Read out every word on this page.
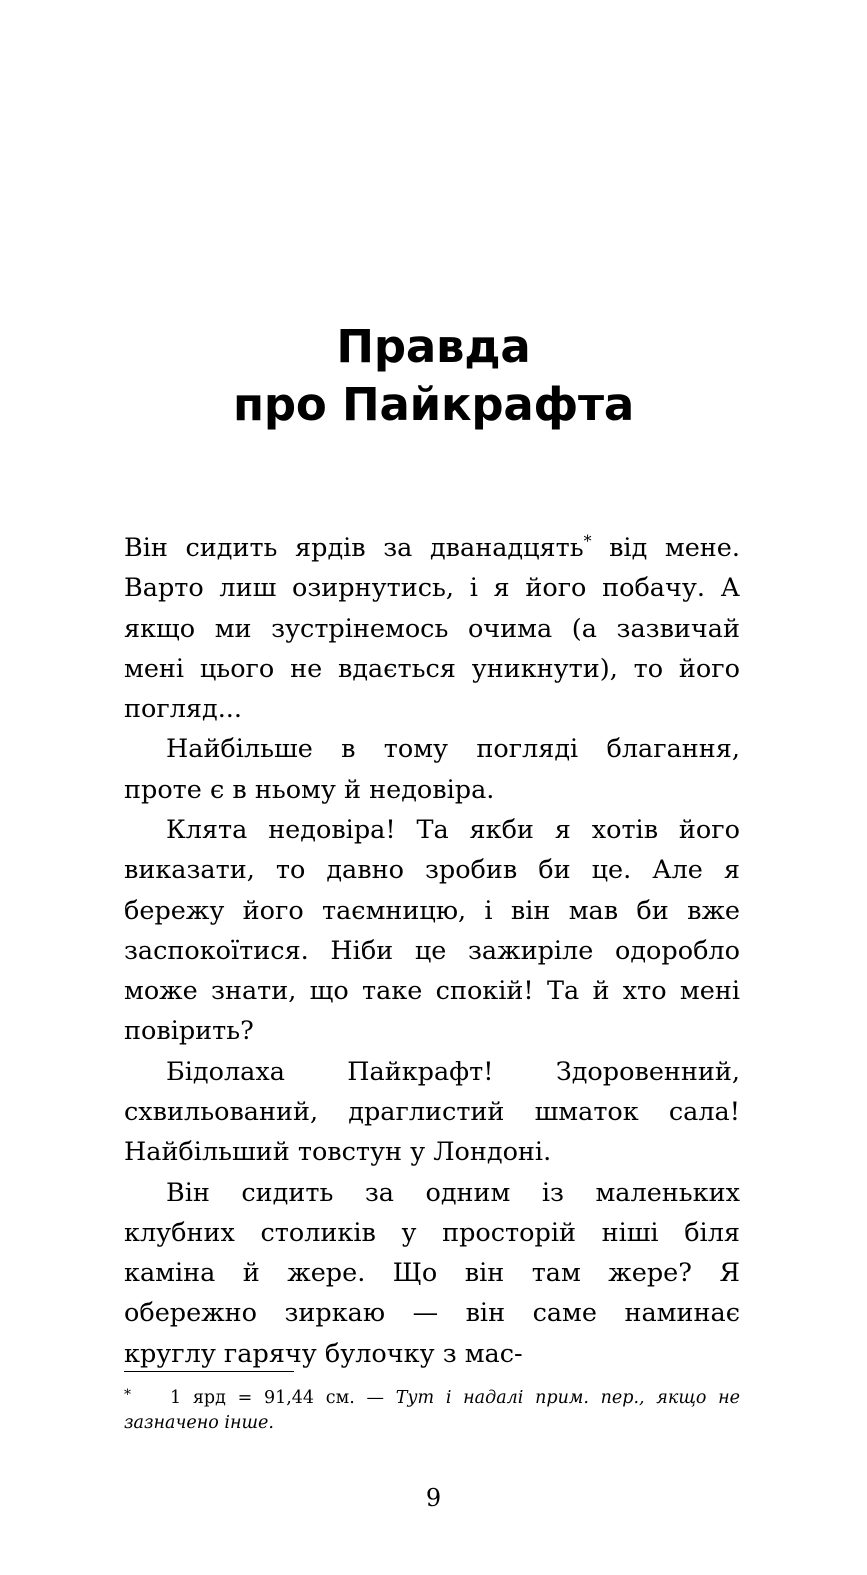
Правда
про Пайкрафта

Він сидить ярдів за дванадцять* від мене. Варто лиш озирнутись, і я його побачу. А якщо ми зустрінемось очима (а зазвичай мені цього не вдається уникнути), то його погляд...

Найбільше в тому погляді благання, проте є в ньому й недовіра.

Клята недовіра! Та якби я хотів його виказати, то давно зробив би це. Але я бережу його таємницю, і він мав би вже заспокоїтися. Ніби це зажиріле одоробло може знати, що таке спокій! Та й хто мені повірить?

Бідолаха Пайкрафт! Здоровенний, схвильований, драглистий шматок сала! Найбільший товстун у Лондоні.

Він сидить за одним із маленьких клубних столиків у просторій ніші біля каміна й жере. Що він там жере? Я обережно зиркаю — він саме наминає круглу гарячу булочку з мас-

* 1 ярд = 91,44 см. — Тут і надалі прим. пер., якщо не зазначено інше.
9
